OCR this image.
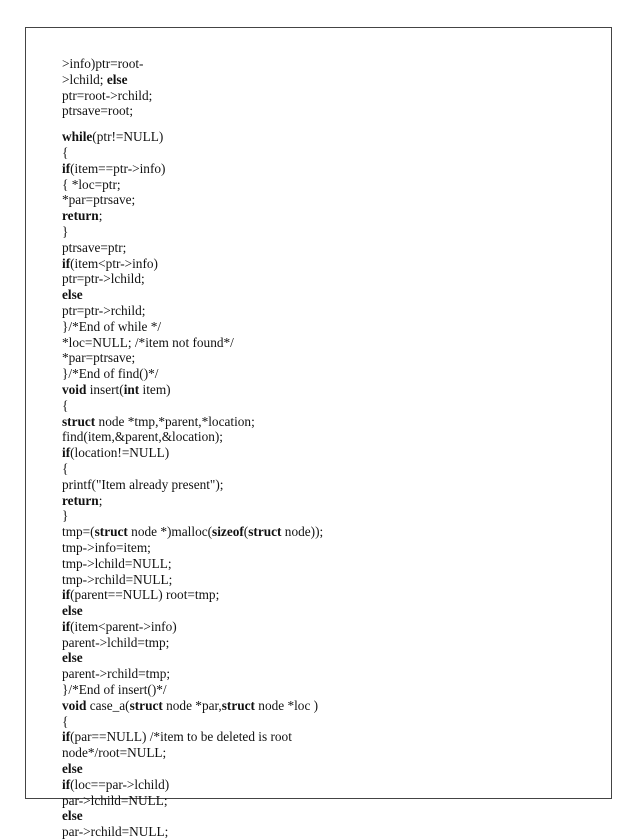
>info)ptr=root-
>lchild; else
ptr=root->rchild;
ptrsave=root;
while(ptr!=NULL)
{
if(item==ptr->info)
{ *loc=ptr;
*par=ptrsave;
return;
}
ptrsave=ptr;
if(item<ptr->info)
ptr=ptr->lchild;
else
ptr=ptr->rchild;
}/*End of while */
*loc=NULL; /*item not found*/
*par=ptrsave;
}/*End of find()*/
void insert(int item)
{
struct node *tmp,*parent,*location;
find(item,&parent,&location);
if(location!=NULL)
{
printf("Item already present");
return;
}
tmp=(struct node *)malloc(sizeof(struct node));
tmp->info=item;
tmp->lchild=NULL;
tmp->rchild=NULL;
if(parent==NULL) root=tmp;
else
if(item<parent->info)
parent->lchild=tmp;
else
parent->rchild=tmp;
}/*End of insert()*/
void case_a(struct node *par,struct node *loc )
{
if(par==NULL) /*item to be deleted is root
node*/root=NULL;
else
if(loc==par->lchild)
par->lchild=NULL;
else
par->rchild=NULL;
